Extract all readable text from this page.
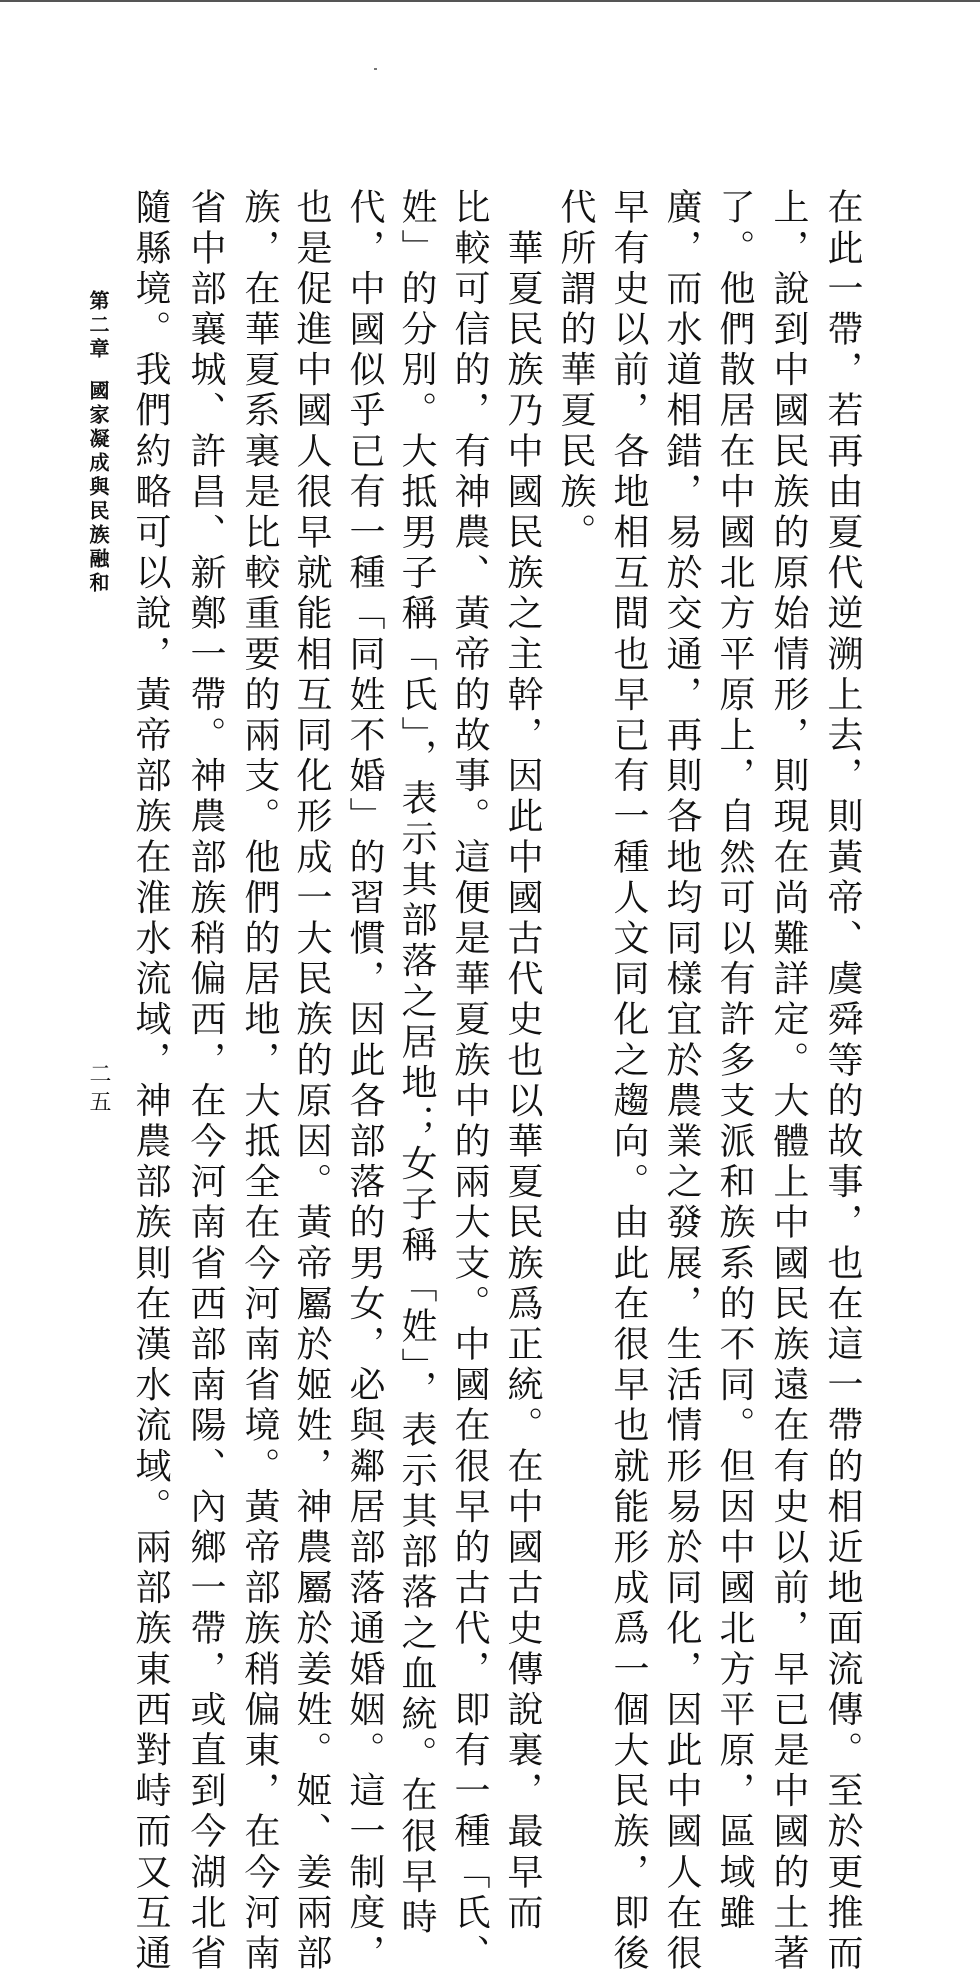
在此一帶，若再由夏代逆溯上去，則黃帝、虞舜等的故事，也在這一帶的相近地面流傳。至於更推而
上，說到中國民族的原始情形，則現在尚難詳定。大體上中國民族遠在有史以前，早已是中國的土著
了。他們散居在中國北方平原上，自然可以有許多支派和族系的不同。但因中國北方平原，區域雖
廣，而水道相錯，易於交通，再則各地均同樣宜於農業之發展，生活情形易於同化，因此中國人在很
早有史以前，各地相互間也早已有一種人文同化之趨向。由此在很早也就能形成爲一個大民族，即後
代所謂的華夏民族。
　華夏民族乃中國民族之主幹，因此中國古代史也以華夏民族爲正統。在中國古史傳說裏，最早而
比較可信的，有神農、黃帝的故事。這便是華夏族中的兩大支。中國在很早的古代，即有一種「氏、
姓」的分別。大抵男子稱「氏」，表示其部落之居地；女子稱「姓」，表示其部落之血統。在很早時
代，中國似乎已有一種「同姓不婚」的習慣，因此各部落的男女，必與鄰居部落通婚姻。這一制度，
也是促進中國人很早就能相互同化形成一大民族的原因。黃帝屬於姬姓，神農屬於姜姓。姬、姜兩部
族，在華夏系裏是比較重要的兩支。他們的居地，大抵全在今河南省境。黃帝部族稍偏東，在今河南
省中部襄城、許昌、新鄭一帶。神農部族稍偏西，在今河南省西部南陽、內鄉一帶，或直到今湖北省
隨縣境。我們約略可以說，黃帝部族在淮水流域，神農部族則在漢水流域。兩部族東西對峙而又互通
第二章
國家凝成與民族融和
二五
